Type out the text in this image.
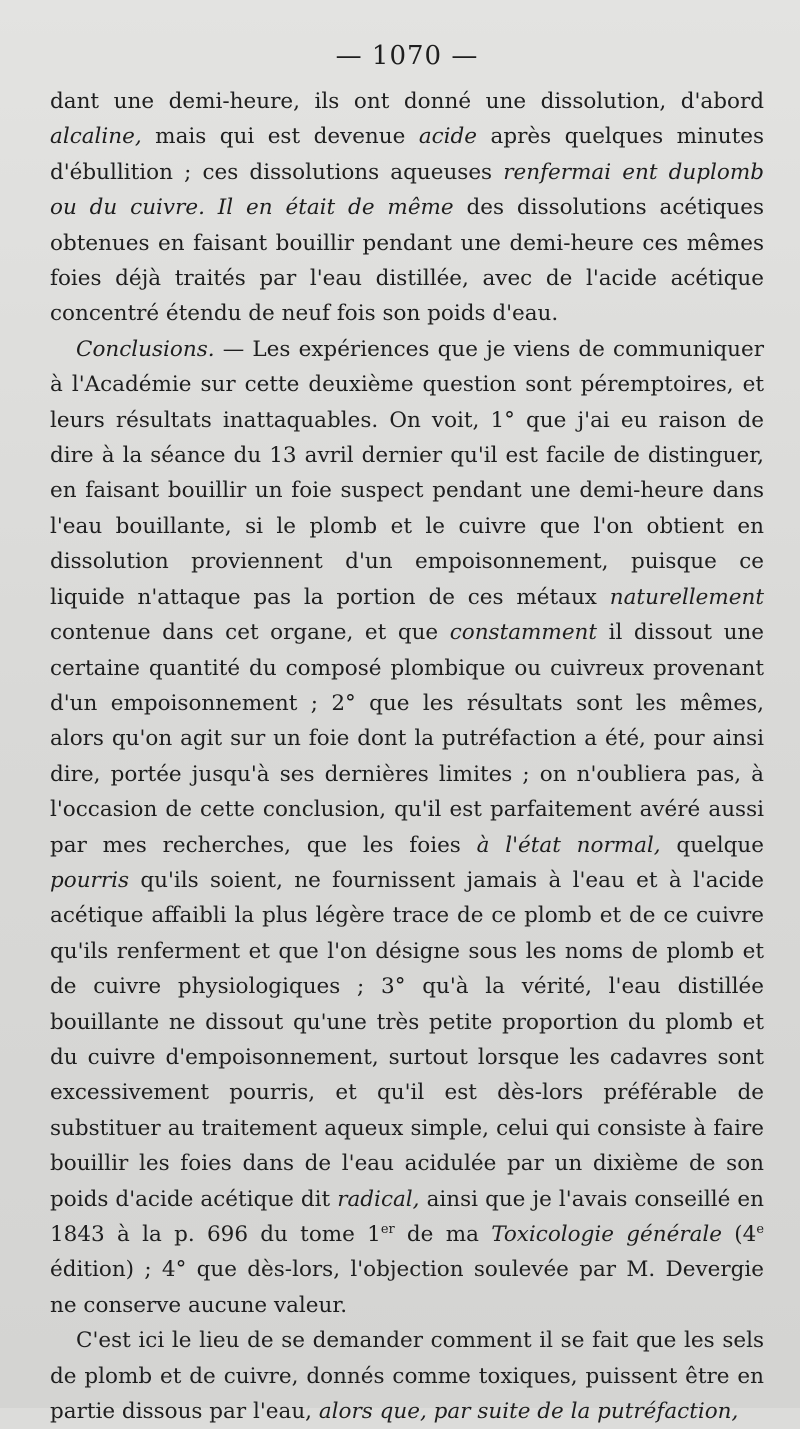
— 1070 —

dant une demi-heure, ils ont donné une dissolution, d'abord alcaline, mais qui est devenue acide après quelques minutes d'ébullition ; ces dissolutions aqueuses renfermai ent duplomb ou du cuivre. Il en était de même des dissolutions acétiques obtenues en faisant bouillir pendant une demi-heure ces mêmes foies déjà traités par l'eau distillée, avec de l'acide acétique concentré étendu de neuf fois son poids d'eau.

Conclusions. — Les expériences que je viens de communiquer à l'Académie sur cette deuxième question sont péremptoires, et leurs résultats inattaquables. On voit, 1° que j'ai eu raison de dire à la séance du 13 avril dernier qu'il est facile de distinguer, en faisant bouillir un foie suspect pendant une demi-heure dans l'eau bouillante, si le plomb et le cuivre que l'on obtient en dissolution proviennent d'un empoisonnement, puisque ce liquide n'attaque pas la portion de ces métaux naturellement contenue dans cet organe, et que constamment il dissout une certaine quantité du composé plombique ou cuivreux provenant d'un empoisonnement ; 2° que les résultats sont les mêmes, alors qu'on agit sur un foie dont la putréfaction a été, pour ainsi dire, portée jusqu'à ses dernières limites ; on n'oubliera pas, à l'occasion de cette conclusion, qu'il est parfaitement avéré aussi par mes recherches, que les foies à l'état normal, quelque pourris qu'ils soient, ne fournissent jamais à l'eau et à l'acide acétique affaibli la plus légère trace de ce plomb et de ce cuivre qu'ils renferment et que l'on désigne sous les noms de plomb et de cuivre physiologiques ; 3° qu'à la vérité, l'eau distillée bouillante ne dissout qu'une très petite proportion du plomb et du cuivre d'empoisonnement, surtout lorsque les cadavres sont excessivement pourris, et qu'il est dès-lors préférable de substituer au traitement aqueux simple, celui qui consiste à faire bouillir les foies dans de l'eau acidulée par un dixième de son poids d'acide acétique dit radical, ainsi que je l'avais conseillé en 1843 à la p. 696 du tome 1er de ma Toxicologie générale (4e édition) ; 4° que dès-lors, l'objection soulevée par M. Devergie ne conserve aucune valeur.

C'est ici le lieu de se demander comment il se fait que les sels de plomb et de cuivre, donnés comme toxiques, puissent être en partie dissous par l'eau, alors que, par suite de la putréfaction,
